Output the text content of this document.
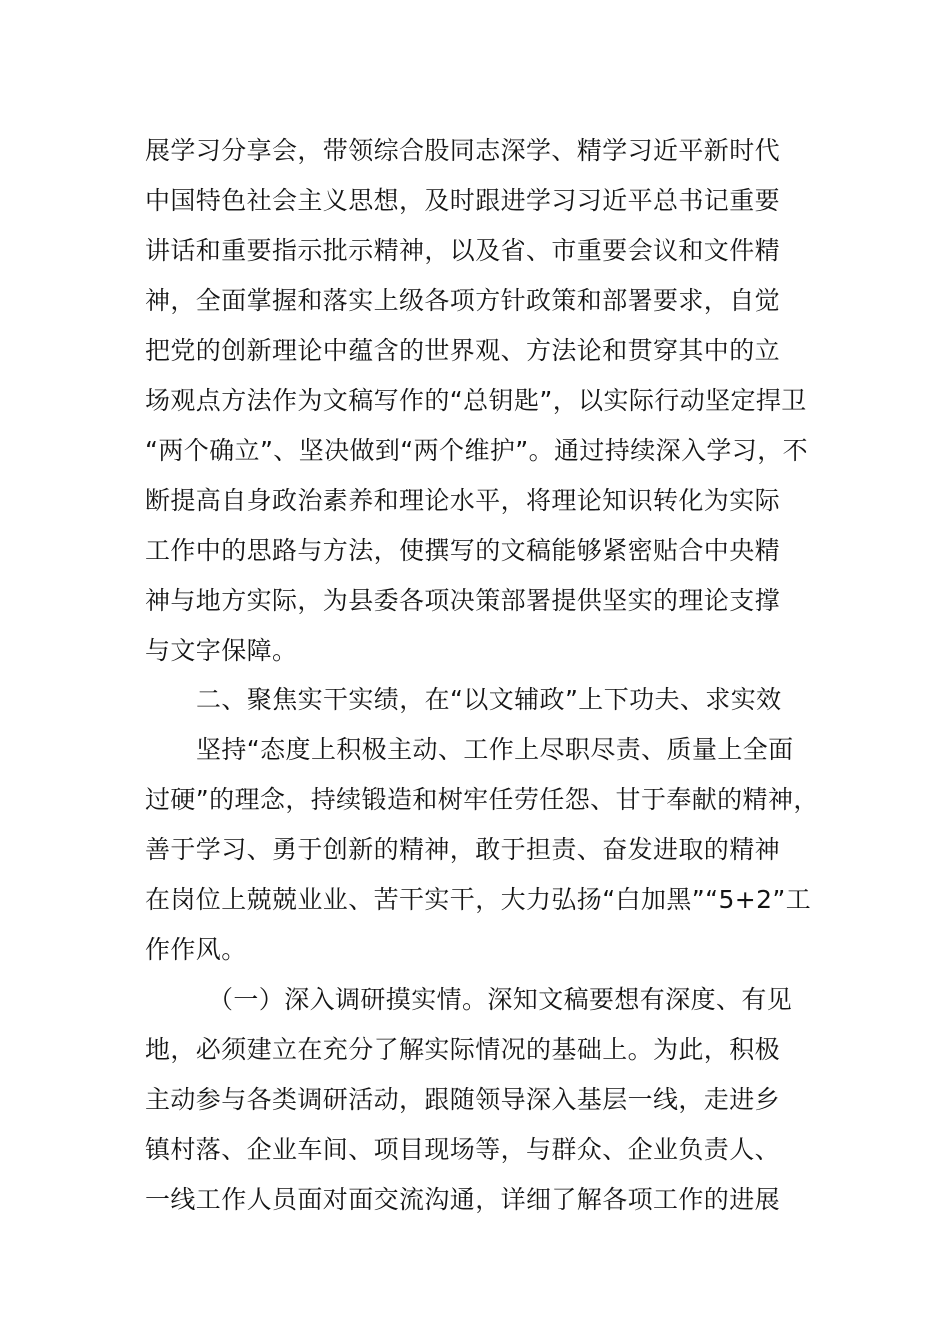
展学习分享会，带领综合股同志深学、精学习近平新时代
中国特色社会主义思想，及时跟进学习习近平总书记重要
讲话和重要指示批示精神，以及省、市重要会议和文件精
神，全面掌握和落实上级各项方针政策和部署要求，自觉
把党的创新理论中蕴含的世界观、方法论和贯穿其中的立
场观点方法作为文稿写作的“总钥匙”，以实际行动坚定捍卫
“两个确立”、坚决做到“两个维护”。通过持续深入学习，不
断提高自身政治素养和理论水平，将理论知识转化为实际
工作中的思路与方法，使撰写的文稿能够紧密贴合中央精
神与地方实际，为县委各项决策部署提供坚实的理论支撑
与文字保障。
二、聚焦实干实绩，在“以文辅政”上下功夫、求实效
坚持“态度上积极主动、工作上尽职尽责、质量上全面
过硬”的理念，持续锻造和树牢任劳任怨、甘于奉献的精神，
善于学习、勇于创新的精神，敢于担责、奋发进取的精神
在岗位上兢兢业业、苦干实干，大力弘扬“白加黑”“5+2”工
作作风。
（一）深入调研摸实情。深知文稿要想有深度、有见
地，必须建立在充分了解实际情况的基础上。为此，积极
主动参与各类调研活动，跟随领导深入基层一线，走进乡
镇村落、企业车间、项目现场等，与群众、企业负责人、
一线工作人员面对面交流沟通，详细了解各项工作的进展
